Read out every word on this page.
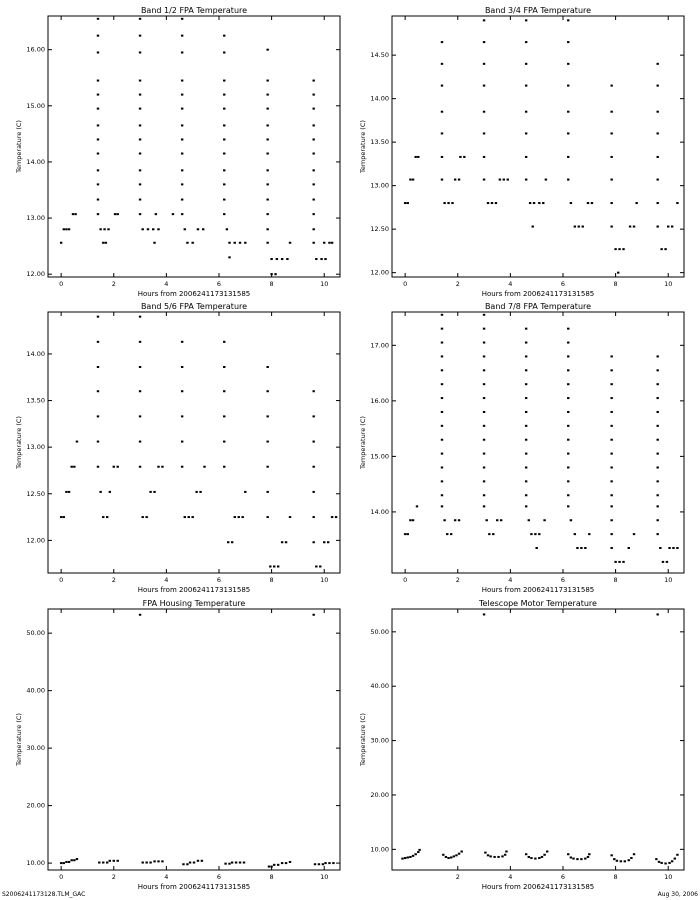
Band 1/2 FPA Temperature
0	2	4	6	8	10
12.00
13.00
14.00
15.00
16.00
Hours from 2006241173131585
Temperature (C)
Band 3/4 FPA Temperature
0	2	4	6	8	10
12.00
12.50
13.00
13.50
14.00
14.50
Hours from 2006241173131585
Temperature (C)
Band 5/6 FPA Temperature
0	2	4	6	8	10
12.00
12.50
13.00
13.50
14.00
Hours from 2006241173131585
Temperature (C)
Band 7/8 FPA Temperature
0	2	4	6	8	10
14.00
15.00
16.00
17.00
Hours from 2006241173131585
Temperature (C)
FPA Housing Temperature
0	2	4	6	8	10
10.00
20.00
30.00
40.00
50.00
Hours from 2006241173131585
Temperature (C)
Telescope Motor Temperature
2	4	6	8	10
10.00
20.00
30.00
40.00
50.00
Hours from 2006241173131585
Temperature (C)
S2006241173128.TLM_GAC	Aug 30, 2006
